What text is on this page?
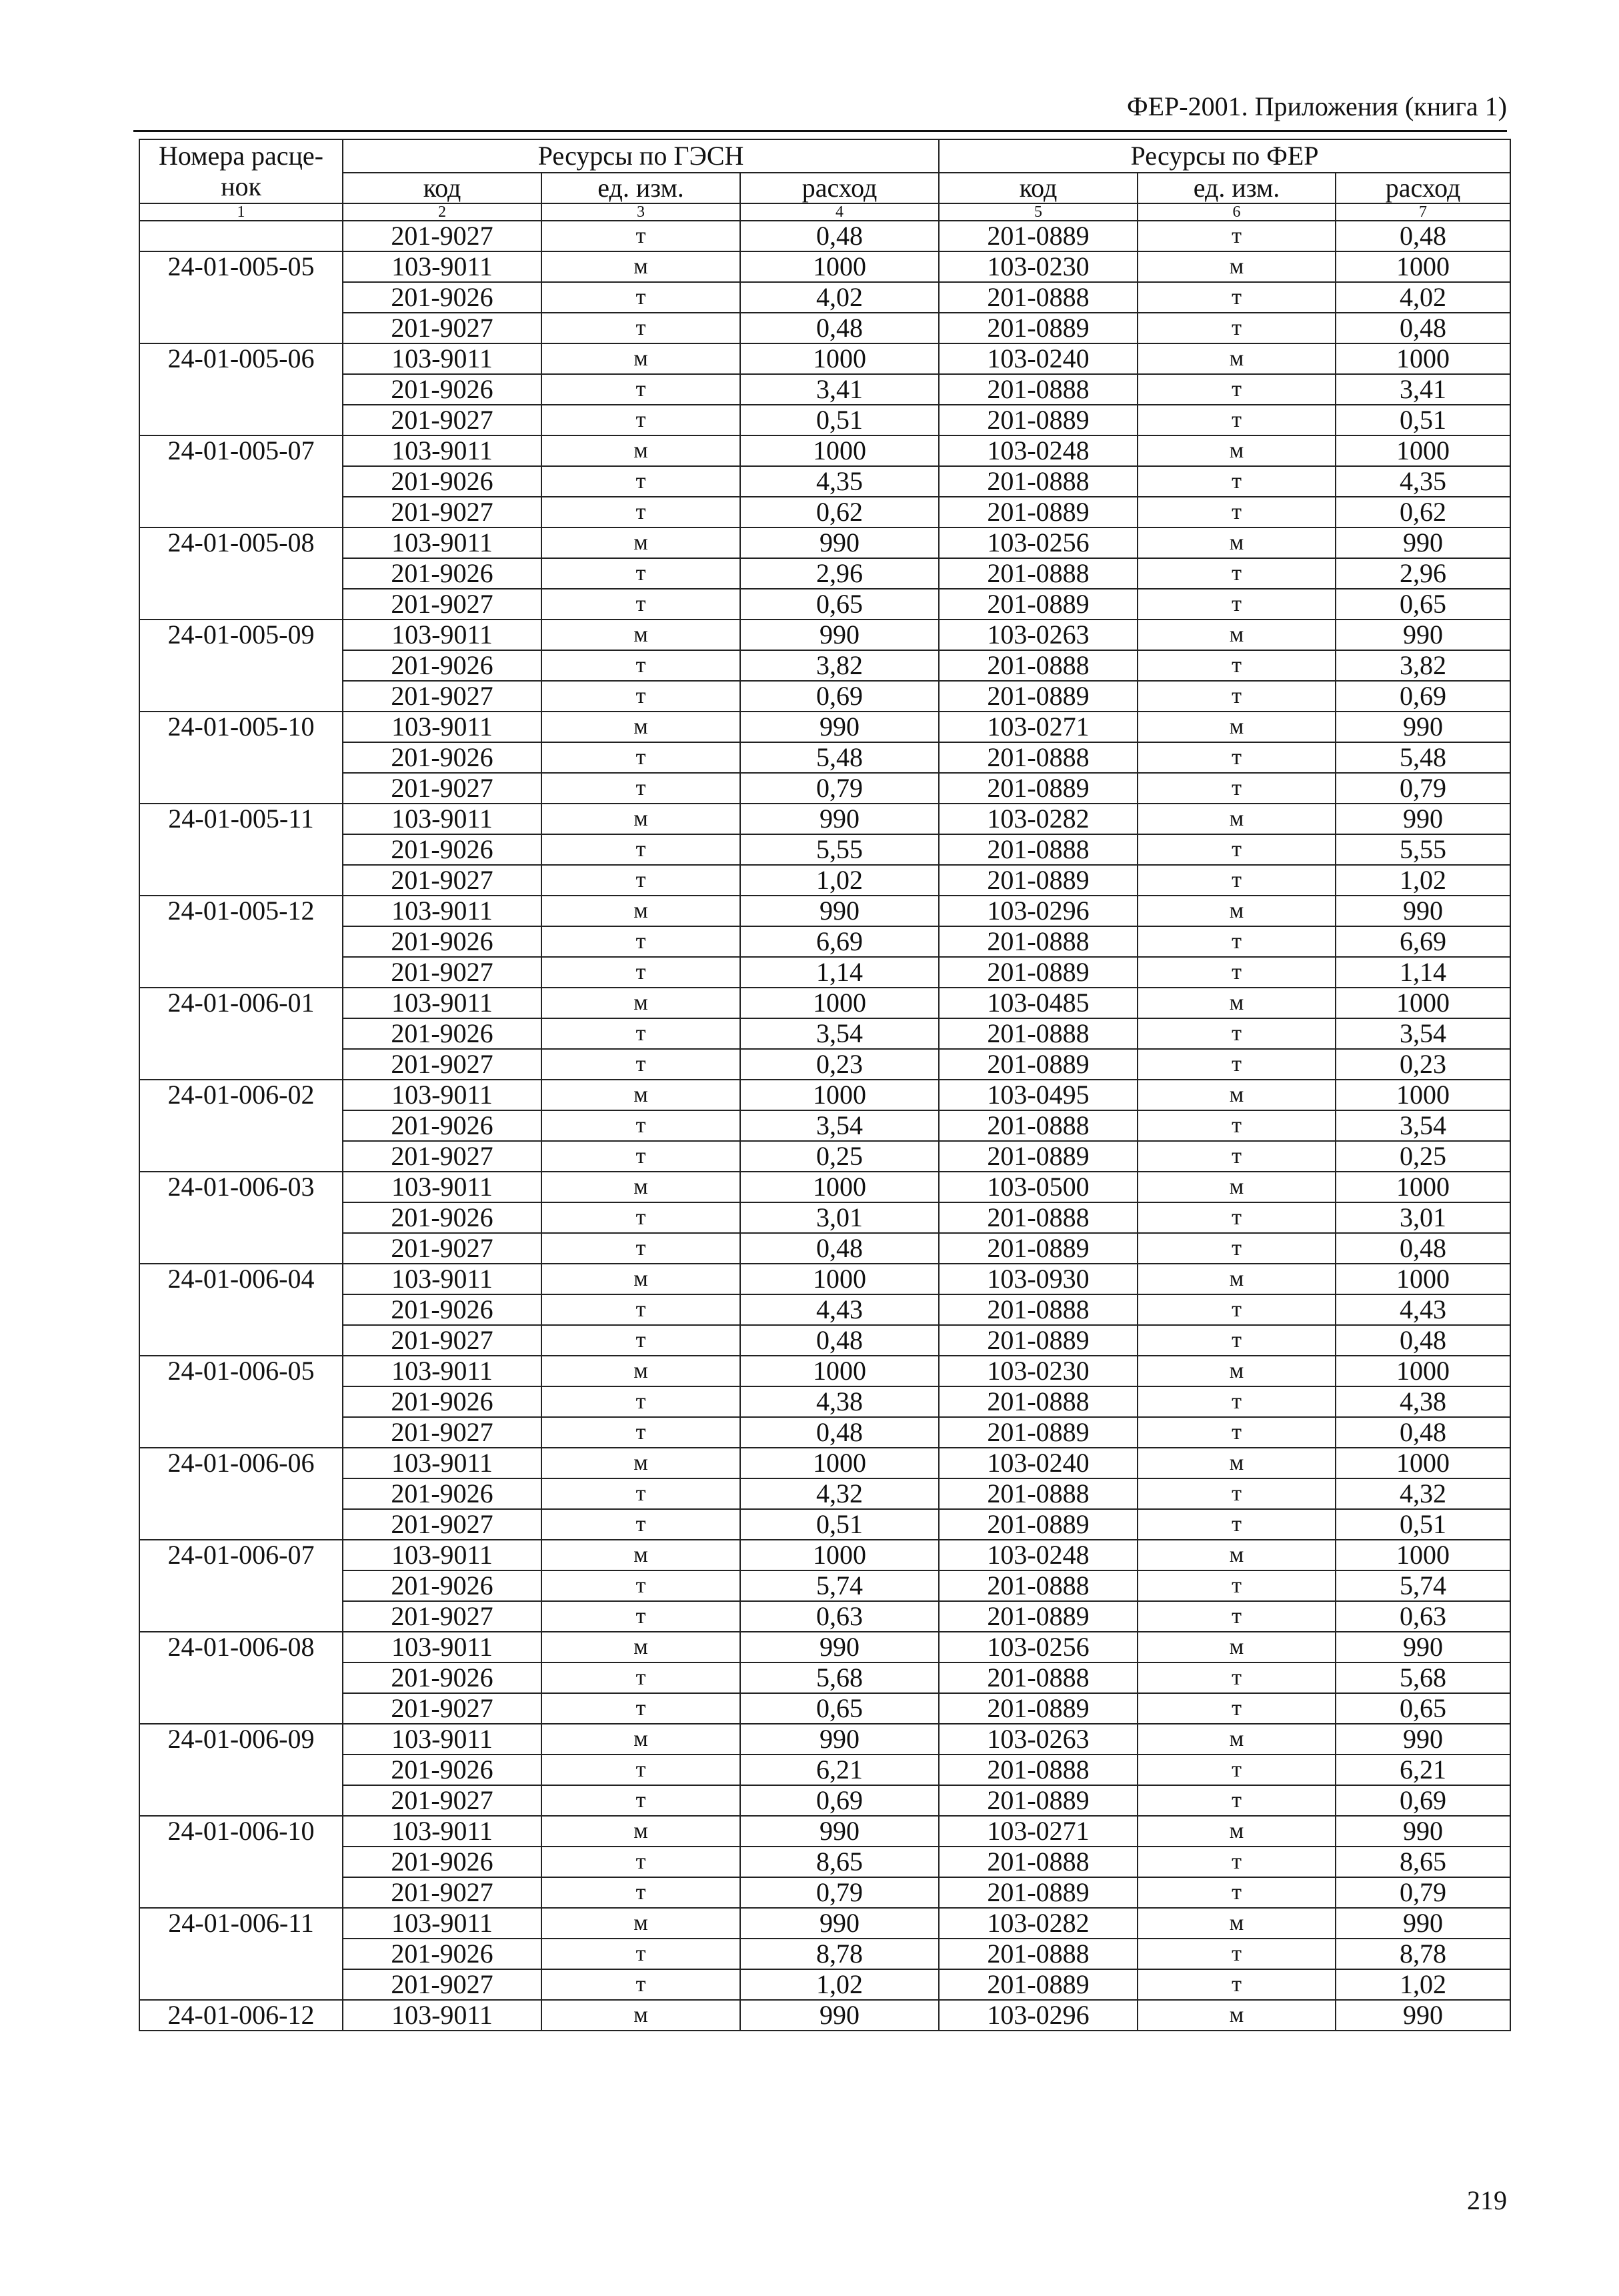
ФЕР-2001. Приложения (книга 1)
Номера расце-нок	Ресурсы по ГЭСН			Ресурсы по ФЕР		
	код	ед. изм.	расход	код	ед. изм.	расход
1	2	3	4	5	6	7
	201-9027	т	0,48	201-0889	т	0,48
24-01-005-05	103-9011	м	1000	103-0230	м	1000
	201-9026	т	4,02	201-0888	т	4,02
	201-9027	т	0,48	201-0889	т	0,48
24-01-005-06	103-9011	м	1000	103-0240	м	1000
	201-9026	т	3,41	201-0888	т	3,41
	201-9027	т	0,51	201-0889	т	0,51
24-01-005-07	103-9011	м	1000	103-0248	м	1000
	201-9026	т	4,35	201-0888	т	4,35
	201-9027	т	0,62	201-0889	т	0,62
24-01-005-08	103-9011	м	990	103-0256	м	990
	201-9026	т	2,96	201-0888	т	2,96
	201-9027	т	0,65	201-0889	т	0,65
24-01-005-09	103-9011	м	990	103-0263	м	990
	201-9026	т	3,82	201-0888	т	3,82
	201-9027	т	0,69	201-0889	т	0,69
24-01-005-10	103-9011	м	990	103-0271	м	990
	201-9026	т	5,48	201-0888	т	5,48
	201-9027	т	0,79	201-0889	т	0,79
24-01-005-11	103-9011	м	990	103-0282	м	990
	201-9026	т	5,55	201-0888	т	5,55
	201-9027	т	1,02	201-0889	т	1,02
24-01-005-12	103-9011	м	990	103-0296	м	990
	201-9026	т	6,69	201-0888	т	6,69
	201-9027	т	1,14	201-0889	т	1,14
24-01-006-01	103-9011	м	1000	103-0485	м	1000
	201-9026	т	3,54	201-0888	т	3,54
	201-9027	т	0,23	201-0889	т	0,23
24-01-006-02	103-9011	м	1000	103-0495	м	1000
	201-9026	т	3,54	201-0888	т	3,54
	201-9027	т	0,25	201-0889	т	0,25
24-01-006-03	103-9011	м	1000	103-0500	м	1000
	201-9026	т	3,01	201-0888	т	3,01
	201-9027	т	0,48	201-0889	т	0,48
24-01-006-04	103-9011	м	1000	103-0930	м	1000
	201-9026	т	4,43	201-0888	т	4,43
	201-9027	т	0,48	201-0889	т	0,48
24-01-006-05	103-9011	м	1000	103-0230	м	1000
	201-9026	т	4,38	201-0888	т	4,38
	201-9027	т	0,48	201-0889	т	0,48
24-01-006-06	103-9011	м	1000	103-0240	м	1000
	201-9026	т	4,32	201-0888	т	4,32
	201-9027	т	0,51	201-0889	т	0,51
24-01-006-07	103-9011	м	1000	103-0248	м	1000
	201-9026	т	5,74	201-0888	т	5,74
	201-9027	т	0,63	201-0889	т	0,63
24-01-006-08	103-9011	м	990	103-0256	м	990
	201-9026	т	5,68	201-0888	т	5,68
	201-9027	т	0,65	201-0889	т	0,65
24-01-006-09	103-9011	м	990	103-0263	м	990
	201-9026	т	6,21	201-0888	т	6,21
	201-9027	т	0,69	201-0889	т	0,69
24-01-006-10	103-9011	м	990	103-0271	м	990
	201-9026	т	8,65	201-0888	т	8,65
	201-9027	т	0,79	201-0889	т	0,79
24-01-006-11	103-9011	м	990	103-0282	м	990
	201-9026	т	8,78	201-0888	т	8,78
	201-9027	т	1,02	201-0889	т	1,02
24-01-006-12	103-9011	м	990	103-0296	м	990
219
